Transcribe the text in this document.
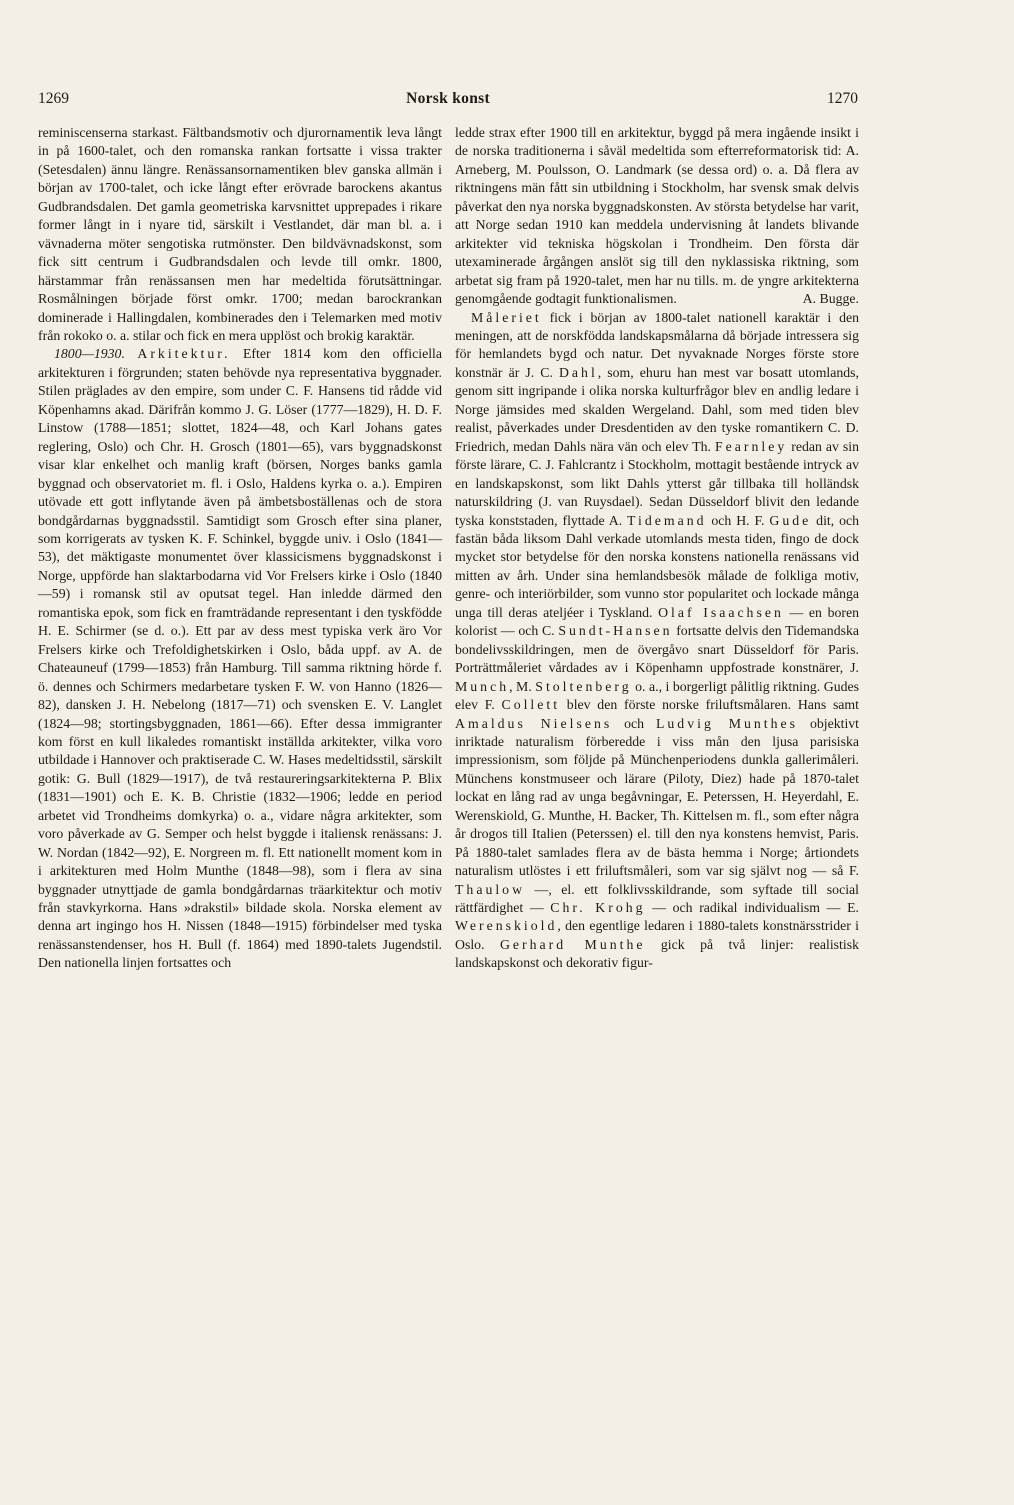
1269	Norsk konst	1270

reminiscenserna starkast. Fältbandsmotiv och djurornamentik leva långt in på 1600-talet, och den romanska rankan fortsatte i vissa trakter (Setesdalen) ännu längre. Renässansornamentiken blev ganska allmän i början av 1700-talet, och icke långt efter erövrade barockens akantus Gudbrandsdalen. Det gamla geometriska karvsnittet upprepades i rikare former långt in i nyare tid, särskilt i Vestlandet, där man bl. a. i vävnaderna möter sengotiska rutmönster. Den bildvävnadskonst, som fick sitt centrum i Gudbrandsdalen och levde till omkr. 1800, härstammar från renässansen men har medeltida förutsättningar. Rosmålningen började först omkr. 1700; medan barockrankan dominerade i Hallingdalen, kombinerades den i Telemarken med motiv från rokoko o. a. stilar och fick en mera upplöst och brokig karaktär.

1800—1930. Arkitektur. Efter 1814 kom den officiella arkitekturen i förgrunden; staten behövde nya representativa byggnader. Stilen präglades av den empire, som under C. F. Hansens tid rådde vid Köpenhamns akad. Därifrån kommo J. G. Löser (1777—1829), H. D. F. Linstow (1788—1851; slottet, 1824—48, och Karl Johans gates reglering, Oslo) och Chr. H. Grosch (1801—65), vars byggnadskonst visar klar enkelhet och manlig kraft (börsen, Norges banks gamla byggnad och observatoriet m. fl. i Oslo, Haldens kyrka o. a.). Empiren utövade ett gott inflytande även på ämbetsboställenas och de stora bondgårdarnas byggnadsstil. Samtidigt som Grosch efter sina planer, som korrigerats av tysken K. F. Schinkel, byggde univ. i Oslo (1841—53), det mäktigaste monumentet över klassicismens byggnadskonst i Norge, uppförde han slaktarbodarna vid Vor Frelsers kirke i Oslo (1840—59) i romansk stil av oputsat tegel. Han inledde därmed den romantiska epok, som fick en framträdande representant i den tyskfödde H. E. Schirmer (se d. o.). Ett par av dess mest typiska verk äro Vor Frelsers kirke och Trefoldighetskirken i Oslo, båda uppf. av A. de Chateauneuf (1799—1853) från Hamburg. Till samma riktning hörde f. ö. dennes och Schirmers medarbetare tysken F. W. von Hanno (1826—82), dansken J. H. Nebelong (1817—71) och svensken E. V. Langlet (1824—98; stortingsbyggnaden, 1861—66). Efter dessa immigranter kom först en kull likaledes romantiskt inställda arkitekter, vilka voro utbildade i Hannover och praktiserade C. W. Hases medeltidsstil, särskilt gotik: G. Bull (1829—1917), de två restaureringsarkitekterna P. Blix (1831—1901) och E. K. B. Christie (1832—1906; ledde en period arbetet vid Trondheims domkyrka) o. a., vidare några arkitekter, som voro påverkade av G. Semper och helst byggde i italiensk renässans: J. W. Nordan (1842—92), E. Norgreen m. fl. Ett nationellt moment kom in i arkitekturen med Holm Munthe (1848—98), som i flera av sina byggnader utnyttjade de gamla bondgårdarnas träarkitektur och motiv från stavkyrkorna. Hans »drakstil» bildade skola. Norska element av denna art ingingo hos H. Nissen (1848—1915) förbindelser med tyska renässanstendenser, hos H. Bull (f. 1864) med 1890-talets Jugendstil. Den nationella linjen fortsattes och

ledde strax efter 1900 till en arkitektur, byggd på mera ingående insikt i de norska traditionerna i såväl medeltida som efterreformatorisk tid: A. Arneberg, M. Poulsson, O. Landmark (se dessa ord) o. a. Då flera av riktningens män fått sin utbildning i Stockholm, har svensk smak delvis påverkat den nya norska byggnadskonsten. Av största betydelse har varit, att Norge sedan 1910 kan meddela undervisning åt landets blivande arkitekter vid tekniska högskolan i Trondheim. Den första där utexaminerade årgången anslöt sig till den nyklassiska riktning, som arbetat sig fram på 1920-talet, men har nu tills. m. de yngre arkitekterna genomgående godtagit funktionalismen.	A. Bugge.

Måleriet fick i början av 1800-talet nationell karaktär i den meningen, att de norskfödda landskapsmålarna då började intressera sig för hemlandets bygd och natur. Det nyvaknade Norges förste store konstnär är J. C. Dahl, som, ehuru han mest var bosatt utomlands, genom sitt ingripande i olika norska kulturfrågor blev en andlig ledare i Norge jämsides med skalden Wergeland. Dahl, som med tiden blev realist, påverkades under Dresdentiden av den tyske romantikern C. D. Friedrich, medan Dahls nära vän och elev Th. Fearnley redan av sin förste lärare, C. J. Fahlcrantz i Stockholm, mottagit bestående intryck av en landskapskonst, som likt Dahls ytterst går tillbaka till holländsk naturskildring (J. van Ruysdael). Sedan Düsseldorf blivit den ledande tyska konststaden, flyttade A. Tidemand och H. F. Gude dit, och fastän båda liksom Dahl verkade utomlands mesta tiden, fingo de dock mycket stor betydelse för den norska konstens nationella renässans vid mitten av årh. Under sina hemlandsbesök målade de folkliga motiv, genre- och interiörbilder, som vunno stor popularitet och lockade många unga till deras ateljéer i Tyskland. Olaf Isaachsen — en boren kolorist — och C. Sundt-Hansen fortsatte delvis den Tidemandska bondelivsskildringen, men de övergåvo snart Düsseldorf för Paris. Porträttmåleriet vårdades av i Köpenhamn uppfostrade konstnärer, J. Munch, M. Stoltenberg o. a., i borgerligt pålitlig riktning. Gudes elev F. Collett blev den förste norske friluftsmålaren. Hans samt Amaldus Nielsens och Ludvig Munthes objektivt inriktade naturalism förberedde i viss mån den ljusa parisiska impressionism, som följde på Münchenperiodens dunkla gallerimåleri. Münchens konstmuseer och lärare (Piloty, Diez) hade på 1870-talet lockat en lång rad av unga begåvningar, E. Peterssen, H. Heyerdahl, E. Werenskiold, G. Munthe, H. Backer, Th. Kittelsen m. fl., som efter några år drogos till Italien (Peterssen) el. till den nya konstens hemvist, Paris. På 1880-talet samlades flera av de bästa hemma i Norge; årtiondets naturalism utlöstes i ett friluftsmåleri, som var sig självt nog — så F. Thaulow —, el. ett folklivsskildrande, som syftade till social rättfärdighet — Chr. Krohg — och radikal individualism — E. Werenskiold, den egentlige ledaren i 1880-talets konstnärsstrider i Oslo. Gerhard Munthe gick på två linjer: realistisk landskapskonst och dekorativ figur-
